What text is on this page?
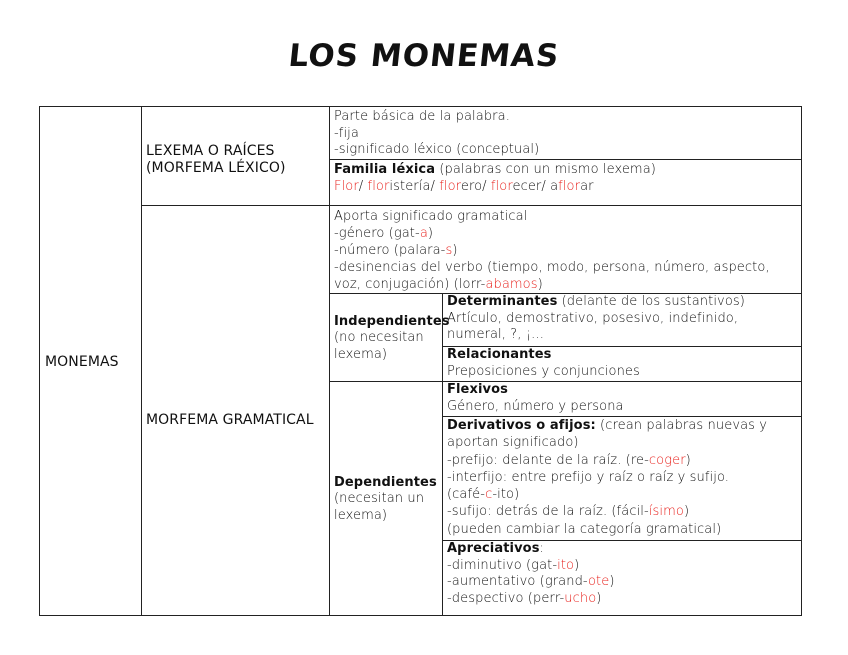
LOS MONEMAS
MONEMAS
LEXEMA O RAÍCES
(MORFEMA LÉXICO)
MORFEMA GRAMATICAL
Parte básica de la palabra.
-fija
-significado léxico (conceptual)
Familia léxica (palabras con un mismo lexema)
Flor/ floristería/ florero/ florecer/ aflorar
Aporta significado gramatical
-género (gat-a)
-número (palara-s)
-desinencias del verbo (tiempo, modo, persona, número, aspecto,
voz, conjugación) (lorr-abamos)
Independientes
(no necesitan
lexema)
Determinantes (delante de los sustantivos)
Artículo, demostrativo, posesivo, indefinido,
numeral, ?, ¡…
Relacionantes
Preposiciones y conjunciones
Dependientes
(necesitan un
lexema)
Flexivos
Género, número y persona
Derivativos o afijos: (crean palabras nuevas y
aportan significado)
-prefijo: delante de la raíz. (re-coger)
-interfijo: entre prefijo y raíz o raíz y sufijo.
(café-c-ito)
-sufijo: detrás de la raíz. (fácil-ísimo)
(pueden cambiar la categoría gramatical)
Apreciativos:
-diminutivo (gat-ito)
-aumentativo (grand-ote)
-despectivo (perr-ucho)
